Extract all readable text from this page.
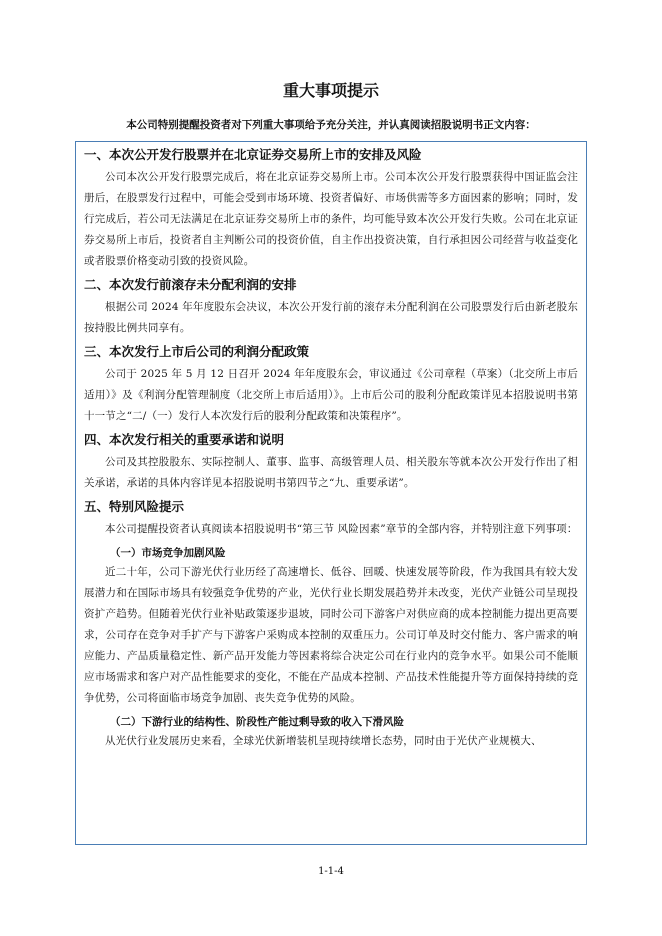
重大事项提示
本公司特别提醒投资者对下列重大事项给予充分关注，并认真阅读招股说明书正文内容：
一、本次公开发行股票并在北京证券交易所上市的安排及风险

公司本次公开发行股票完成后，将在北京证券交易所上市。公司本次公开发行股票获得中国证监会注册后，在股票发行过程中，可能会受到市场环境、投资者偏好、市场供需等多方面因素的影响；同时，发行完成后，若公司无法满足在北京证券交易所上市的条件，均可能导致本次公开发行失败。公司在北京证券交易所上市后，投资者自主判断公司的投资价值，自主作出投资决策，自行承担因公司经营与收益变化或者股票价格变动引致的投资风险。

二、本次发行前滚存未分配利润的安排

根据公司 2024 年年度股东会决议，本次公开发行前的滚存未分配利润在公司股票发行后由新老股东按持股比例共同享有。

三、本次发行上市后公司的利润分配政策

公司于 2025 年 5 月 12 日召开 2024 年年度股东会，审议通过《公司章程（草案）（北交所上市后适用）》及《利润分配管理制度（北交所上市后适用）》。上市后公司的股利分配政策详见本招股说明书第十一节之“二/（一）发行人本次发行后的股利分配政策和决策程序”。

四、本次发行相关的重要承诺和说明

公司及其控股股东、实际控制人、董事、监事、高级管理人员、相关股东等就本次公开发行作出了相关承诺，承诺的具体内容详见本招股说明书第四节之“九、重要承诺”。

五、特别风险提示

本公司提醒投资者认真阅读本招股说明书“第三节 风险因素”章节的全部内容，并特别注意下列事项：

（一）市场竞争加剧风险

近二十年，公司下游光伏行业历经了高速增长、低谷、回暖、快速发展等阶段，作为我国具有较大发展潜力和在国际市场具有较强竞争优势的产业，光伏行业长期发展趋势并未改变，光伏产业链公司呈现投资扩产趋势。但随着光伏行业补贴政策逐步退坡，同时公司下游客户对供应商的成本控制能力提出更高要求，公司存在竞争对手扩产与下游客户采购成本控制的双重压力。公司订单及时交付能力、客户需求的响应能力、产品质量稳定性、新产品开发能力等因素将综合决定公司在行业内的竞争水平。如果公司不能顺应市场需求和客户对产品性能要求的变化，不能在产品成本控制、产品技术性能提升等方面保持持续的竞争优势，公司将面临市场竞争加剧、丧失竞争优势的风险。

（二）下游行业的结构性、阶段性产能过剩导致的收入下滑风险

从光伏行业发展历史来看，全球光伏新增装机呈现持续增长态势，同时由于光伏产业规模大、

1-1-4
